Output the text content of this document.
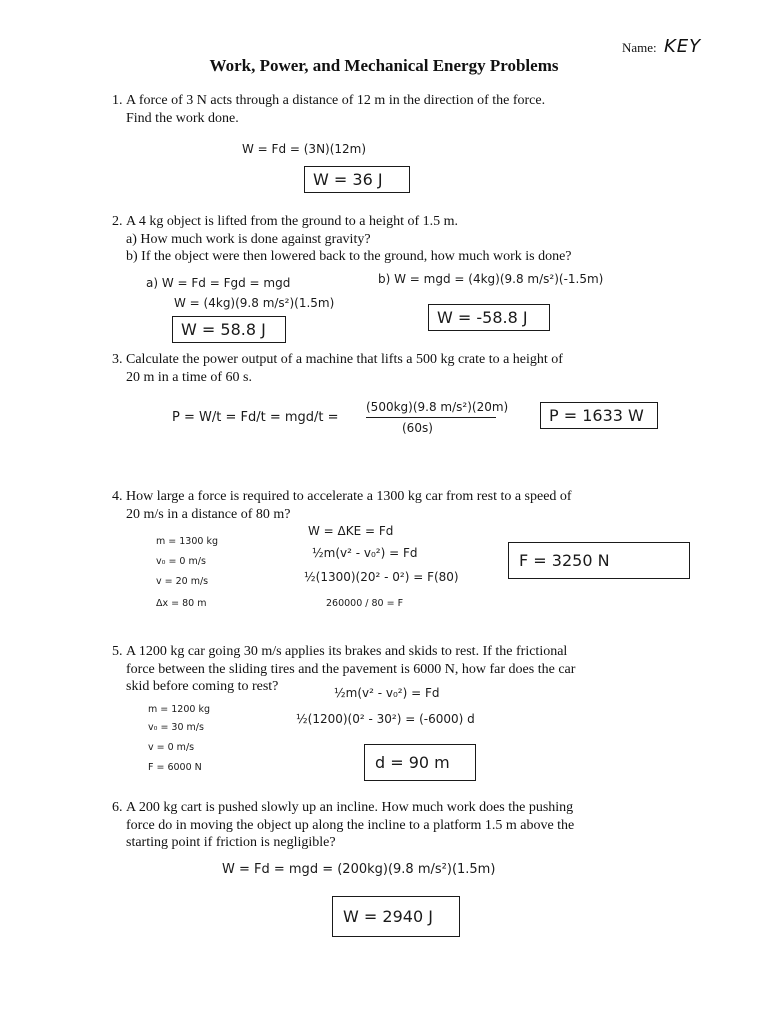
Name: KEY
Work, Power, and Mechanical Energy Problems
1. A force of 3 N acts through a distance of 12 m in the direction of the force.
Find the work done.
W = Fd = (3N)(12m)
W = 36 J
2. A 4 kg object is lifted from the ground to a height of 1.5 m.
a) How much work is done against gravity?
b) If the object were then lowered back to the ground, how much work is done?
a) W = Fd = Fgd = mgd
W = (4kg)(9.8 m/s²)(1.5m)
W = 58.8 J
b) W = mgd = (4kg)(9.8 m/s²)(-1.5m)
W = -58.8 J
3. Calculate the power output of a machine that lifts a 500 kg crate to a height of
20 m in a time of 60 s.
P = W/t = Fd/t = mgd/t =
(500kg)(9.8 m/s²)(20m)
(60s)
P = 1633 W
4. How large a force is required to accelerate a 1300 kg car from rest to a speed of
20 m/s in a distance of 80 m?
m = 1300 kg
v₀ = 0 m/s
v = 20 m/s
Δx = 80 m
W = ΔKE = Fd
½m(v² - v₀²) = Fd
½(1300)(20² - 0²) = F(80)
260000 / 80 = F
F = 3250 N
5. A 1200 kg car going 30 m/s applies its brakes and skids to rest. If the frictional
force between the sliding tires and the pavement is 6000 N, how far does the car
skid before coming to rest?
m = 1200 kg
v₀ = 30 m/s
v = 0 m/s
F = 6000 N
½m(v² - v₀²) = Fd
½(1200)(0² - 30²) = (-6000) d
d = 90 m
6. A 200 kg cart is pushed slowly up an incline. How much work does the pushing
force do in moving the object up along the incline to a platform 1.5 m above the
starting point if friction is negligible?
W = Fd = mgd = (200kg)(9.8 m/s²)(1.5m)
W = 2940 J
